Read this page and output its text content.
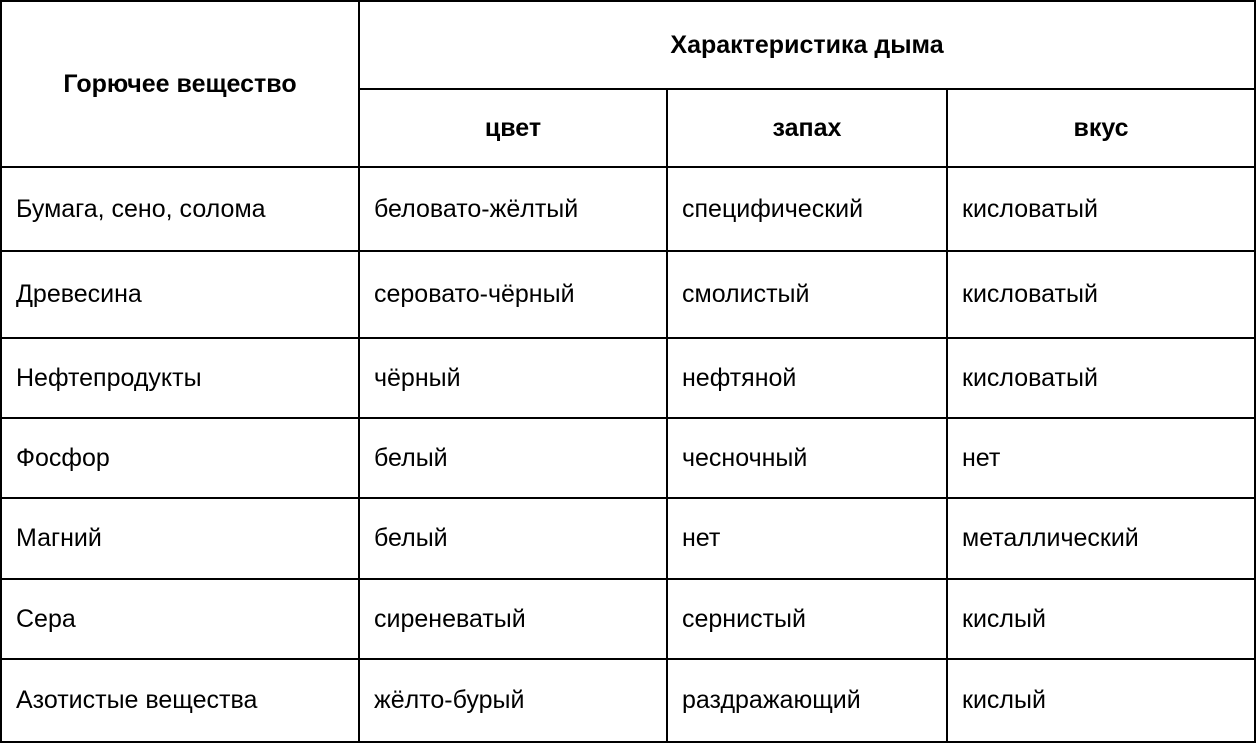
Горючее вещество	Характеристика дыма		
	цвет	запах	вкус
Бумага, сено, солома	беловато-жёлтый	специфический	кисловатый
Древесина	серовато-чёрный	смолистый	кисловатый
Нефтепродукты	чёрный	нефтяной	кисловатый
Фосфор	белый	чесночный	нет
Магний	белый	нет	металлический
Сера	сиреневатый	сернистый	кислый
Азотистые вещества	жёлто-бурый	раздражающий	кислый
